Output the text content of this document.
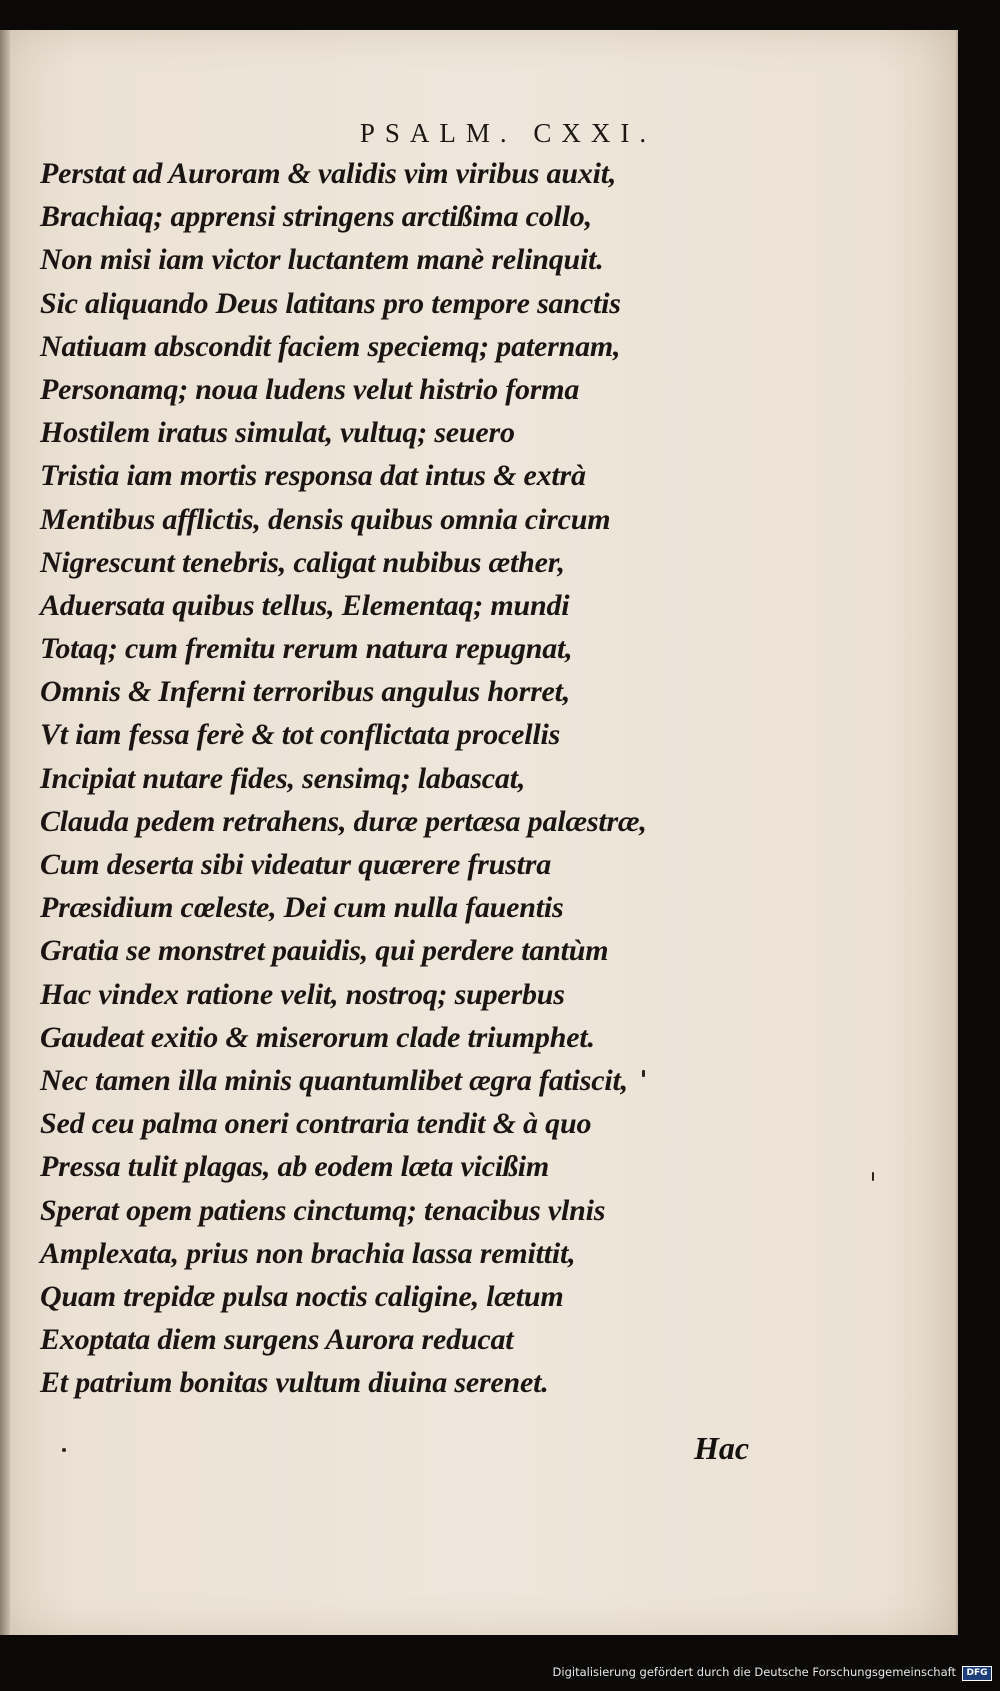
PSALM. CXXI.
Perstat ad Auroram & validis vim viribus auxit,
Brachiaq; apprensi stringens arctißima collo,
Non misi iam victor luctantem manè relinquit.
Sic aliquando Deus latitans pro tempore sanctis
Natiuam abscondit faciem speciemq; paternam,
Personamq; noua ludens velut histrio forma
Hostilem iratus simulat, vultuq; seuero
Tristia iam mortis responsa dat intus & extrà
Mentibus afflictis, densis quibus omnia circum
Nigrescunt tenebris, caligat nubibus æther,
Aduersata quibus tellus, Elementaq; mundi
Totaq; cum fremitu rerum natura repugnat,
Omnis & Inferni terroribus angulus horret,
Vt iam fessa ferè & tot conflictata procellis
Incipiat nutare fides, sensimq; labascat,
Clauda pedem retrahens, duræ pertæsa palæstræ,
Cum deserta sibi videatur quærere frustra
Præsidium cœleste, Dei cum nulla fauentis
Gratia se monstret pauidis, qui perdere tantùm
Hac vindex ratione velit, nostroq; superbus
Gaudeat exitio & miserorum clade triumphet.
Nec tamen illa minis quantumlibet ægra fatiscit,
Sed ceu palma oneri contraria tendit & à quo
Pressa tulit plagas, ab eodem læta vicißim
Sperat opem patiens cinctumq; tenacibus vlnis
Amplexata, prius non brachia lassa remittit,
Quam trepidæ pulsa noctis caligine, lætum
Exoptata diem surgens Aurora reducat
Et patrium bonitas vultum diuina serenet.
Hac
Digitalisierung gefördert durch die Deutsche Forschungsgemeinschaft	DFG
